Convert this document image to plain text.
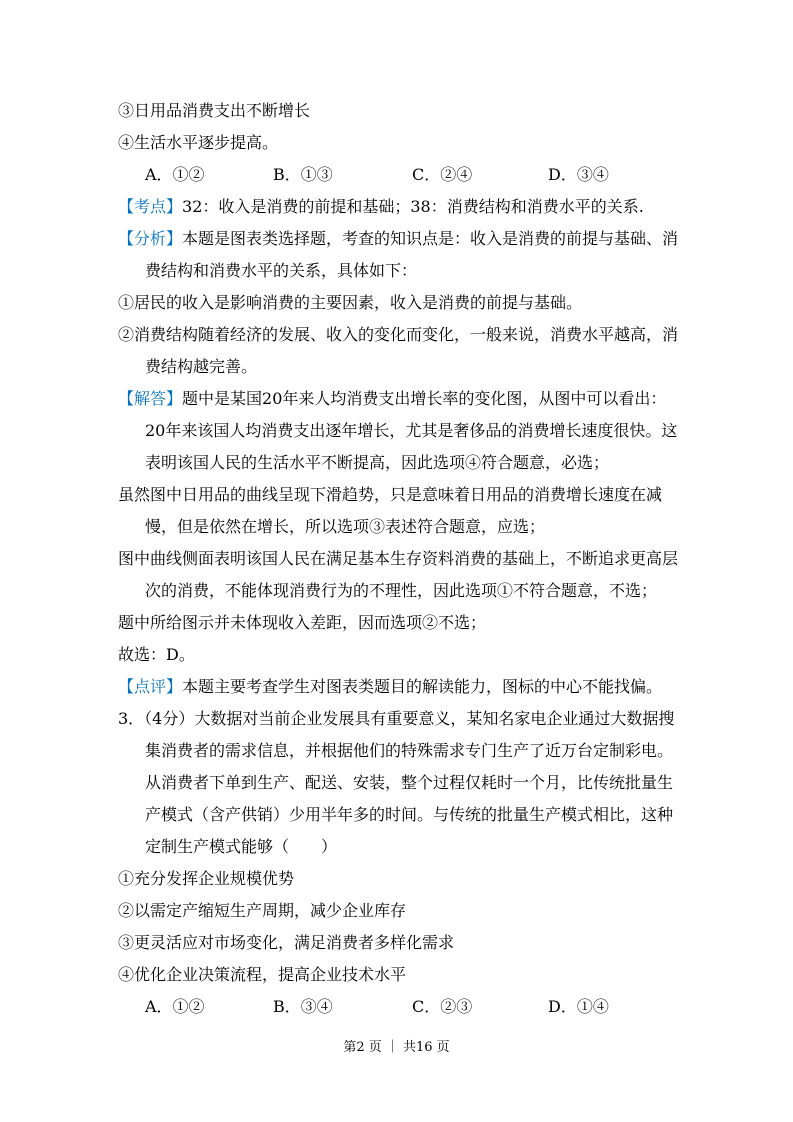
③日用品消费支出不断增长
④生活水平逐步提高。
A．①②	B．①③	C．②④	D．③④
【考点】32：收入是消费的前提和基础；38：消费结构和消费水平的关系.
【分析】本题是图表类选择题，考查的知识点是：收入是消费的前提与基础、消
费结构和消费水平的关系，具体如下：
①居民的收入是影响消费的主要因素，收入是消费的前提与基础。
②消费结构随着经济的发展、收入的变化而变化，一般来说，消费水平越高，消
费结构越完善。
【解答】题中是某国20年来人均消费支出增长率的变化图，从图中可以看出：
20年来该国人均消费支出逐年增长，尤其是奢侈品的消费增长速度很快。这
表明该国人民的生活水平不断提高，因此选项④符合题意，必选；
虽然图中日用品的曲线呈现下滑趋势，只是意味着日用品的消费增长速度在减
慢，但是依然在增长，所以选项③表述符合题意，应选；
图中曲线侧面表明该国人民在满足基本生存资料消费的基础上，不断追求更高层
次的消费，不能体现消费行为的不理性，因此选项①不符合题意，不选；
题中所给图示并未体现收入差距，因而选项②不选；
故选：D。
【点评】本题主要考查学生对图表类题目的解读能力，图标的中心不能找偏。
3．（4分）大数据对当前企业发展具有重要意义，某知名家电企业通过大数据搜
集消费者的需求信息，并根据他们的特殊需求专门生产了近万台定制彩电。
从消费者下单到生产、配送、安装，整个过程仅耗时一个月，比传统批量生
产模式（含产供销）少用半年多的时间。与传统的批量生产模式相比，这种
定制生产模式能够（　　）
①充分发挥企业规模优势
②以需定产缩短生产周期，减少企业库存
③更灵活应对市场变化，满足消费者多样化需求
④优化企业决策流程，提高企业技术水平
A．①②	B．③④	C．②③	D．①④
第2 页 ｜ 共16 页
